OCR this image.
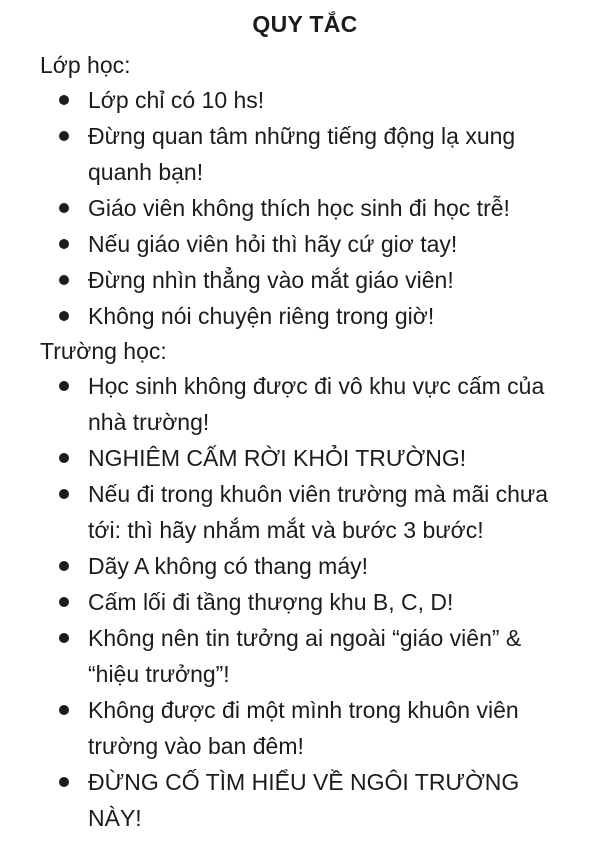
QUY TẮC
Lớp học:
Lớp chỉ có 10 hs!
Đừng quan tâm những tiếng động lạ xung quanh bạn!
Giáo viên không thích học sinh đi học trễ!
Nếu giáo viên hỏi thì hãy cứ giơ tay!
Đừng nhìn thẳng vào mắt giáo viên!
Không nói chuyện riêng trong giờ!
Trường học:
Học sinh không được đi vô khu vực cấm của nhà trường!
NGHIÊM CẤM RỜI KHỎI TRƯỜNG!
Nếu đi trong khuôn viên trường mà mãi chưa tới: thì hãy nhắm mắt và bước 3 bước!
Dãy A không có thang máy!
Cấm lối đi tầng thượng khu B, C, D!
Không nên tin tưởng ai ngoài “giáo viên” & “hiệu trưởng”!
Không được đi một mình trong khuôn viên trường vào ban đêm!
ĐỪNG CỐ TÌM HIỂU VỀ NGÔI TRƯỜNG NÀY!
